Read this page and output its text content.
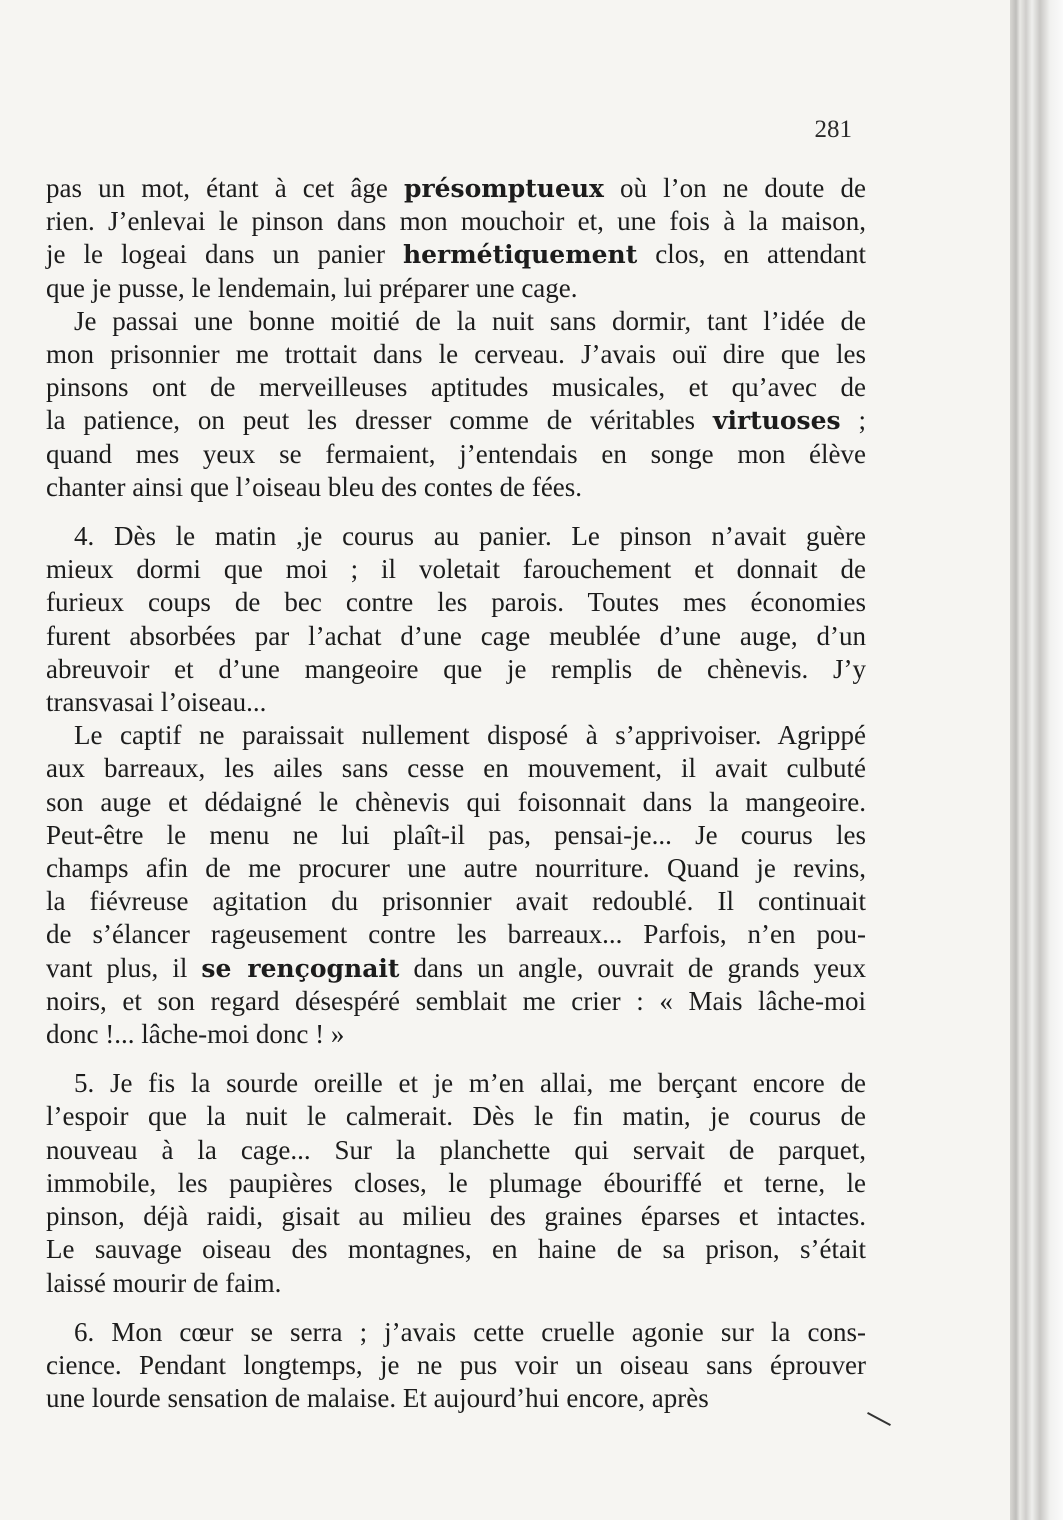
281
pas un mot, étant à cet âge présomptueux où l’on ne doute de
rien. J’enlevai le pinson dans mon mouchoir et, une fois à la maison,
je le logeai dans un panier hermétiquement clos, en attendant
que je pusse, le lendemain, lui préparer une cage.
Je passai une bonne moitié de la nuit sans dormir, tant l’idée de
mon prisonnier me trottait dans le cerveau. J’avais ouï dire que les
pinsons ont de merveilleuses aptitudes musicales, et qu’avec de
la patience, on peut les dresser comme de véritables virtuoses ;
quand mes yeux se fermaient, j’entendais en songe mon élève
chanter ainsi que l’oiseau bleu des contes de fées.
4. Dès le matin ,je courus au panier. Le pinson n’avait guère
mieux dormi que moi ; il voletait farouchement et donnait de
furieux coups de bec contre les parois. Toutes mes économies
furent absorbées par l’achat d’une cage meublée d’une auge, d’un
abreuvoir et d’une mangeoire que je remplis de chènevis. J’y
transvasai l’oiseau...
Le captif ne paraissait nullement disposé à s’apprivoiser. Agrippé
aux barreaux, les ailes sans cesse en mouvement, il avait culbuté
son auge et dédaigné le chènevis qui foisonnait dans la mangeoire.
Peut-être le menu ne lui plaît-il pas, pensai-je... Je courus les
champs afin de me procurer une autre nourriture. Quand je revins,
la fiévreuse agitation du prisonnier avait redoublé. Il continuait
de s’élancer rageusement contre les barreaux... Parfois, n’en pou-
vant plus, il se renҫognait dans un angle, ouvrait de grands yeux
noirs, et son regard désespéré semblait me crier : « Mais lâche-moi
donc !... lâche-moi donc ! »
5. Je fis la sourde oreille et je m’en allai, me berçant encore de
l’espoir que la nuit le calmerait. Dès le fin matin, je courus de
nouveau à la cage... Sur la planchette qui servait de parquet,
immobile, les paupières closes, le plumage ébouriffé et terne, le
pinson, déjà raidi, gisait au milieu des graines éparses et intactes.
Le sauvage oiseau des montagnes, en haine de sa prison, s’était
laissé mourir de faim.
6. Mon cœur se serra ; j’avais cette cruelle agonie sur la cons-
cience. Pendant longtemps, je ne pus voir un oiseau sans éprouver
une lourde sensation de malaise. Et aujourd’hui encore, après
